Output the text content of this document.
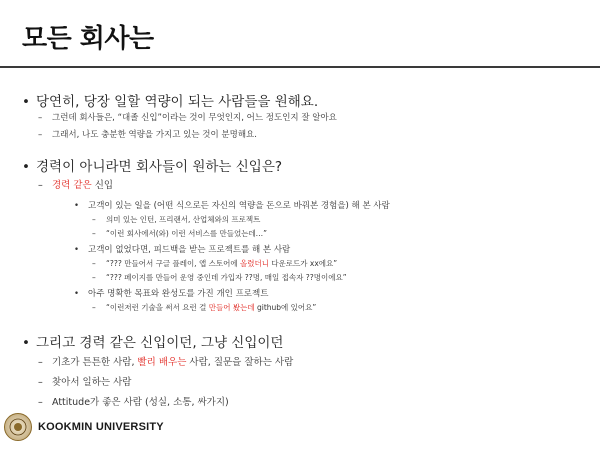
모든 회사는
• 당연히, 당장 일할 역량이 되는 사람들을 원해요.
– 그런데 회사들은, “대졸 신입”이라는 것이 무엇인지, 어느 정도인지 잘 알아요
– 그래서, 나도 충분한 역량을 가지고 있는 것이 분명해요.
• 경력이 아니라면 회사들이 원하는 신입은?
– 경력 같은 신입
• 고객이 있는 일을 (어떤 식으로든 자신의 역량을 돈으로 바꿔본 경험을) 해 본 사람
– 의미 있는 인턴, 프리랜서, 산업체와의 프로젝트
– “이런 회사에서(와) 이런 서비스를 만들었는데…”
• 고객이 없었다면, 피드백을 받는 프로젝트를 해 본 사람
– “??? 만들어서 구글 플레이, 앱 스토어에 올렸더니 다운로드가 xx에요”
– “??? 페이지를 만들어 운영 중인데 가입자 ??명, 매일 접속자 ??명이에요”
• 아주 명확한 목표와 완성도를 가진 개인 프로젝트
– “이런저런 기술을 써서 요런 걸 만들어 봤는데 github에 있어요”
• 그리고 경력 같은 신입이던, 그냥 신입이던
– 기초가 튼튼한 사람, 빨리 배우는 사람, 질문을 잘하는 사람
– 찾아서 일하는 사람
– Attitude가 좋은 사람 (성실, 소통, 싸가지)
KOOKMIN UNIVERSITY
